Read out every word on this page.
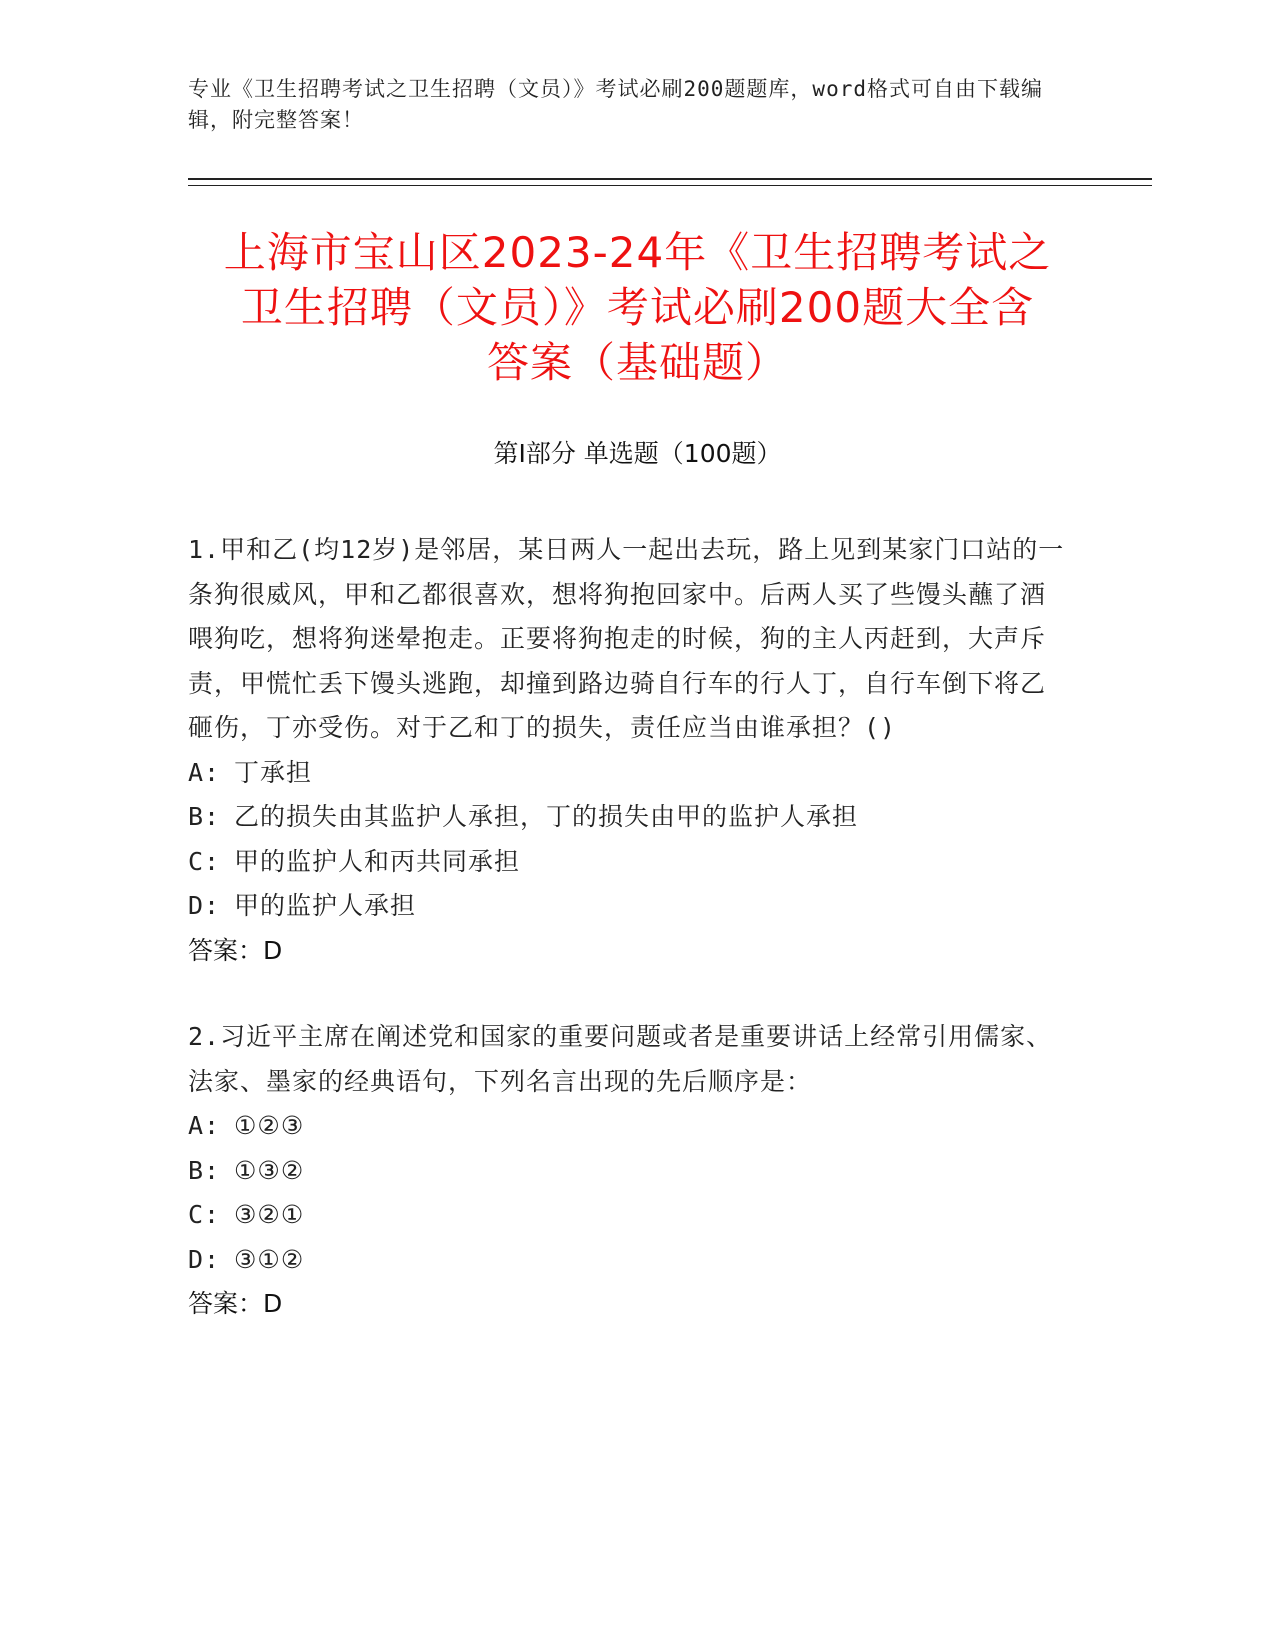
专业《卫生招聘考试之卫生招聘（文员）》考试必刷200题题库，word格式可自由下载编辑，附完整答案！
上海市宝山区2023-24年《卫生招聘考试之
卫生招聘（文员）》考试必刷200题大全含
答案（基础题）
第I部分 单选题（100题）
1.甲和乙(均12岁)是邻居，某日两人一起出去玩，路上见到某家门口站的一条狗很威风，甲和乙都很喜欢，想将狗抱回家中。后两人买了些馒头蘸了酒喂狗吃，想将狗迷晕抱走。正要将狗抱走的时候，狗的主人丙赶到，大声斥责，甲慌忙丢下馒头逃跑，却撞到路边骑自行车的行人丁，自行车倒下将乙砸伤，丁亦受伤。对于乙和丁的损失，责任应当由谁承担？()
A: 丁承担
B: 乙的损失由其监护人承担，丁的损失由甲的监护人承担
C: 甲的监护人和丙共同承担
D: 甲的监护人承担
答案：D
2.习近平主席在阐述党和国家的重要问题或者是重要讲话上经常引用儒家、法家、墨家的经典语句，下列名言出现的先后顺序是：
A: ①②③
B: ①③②
C: ③②①
D: ③①②
答案：D
